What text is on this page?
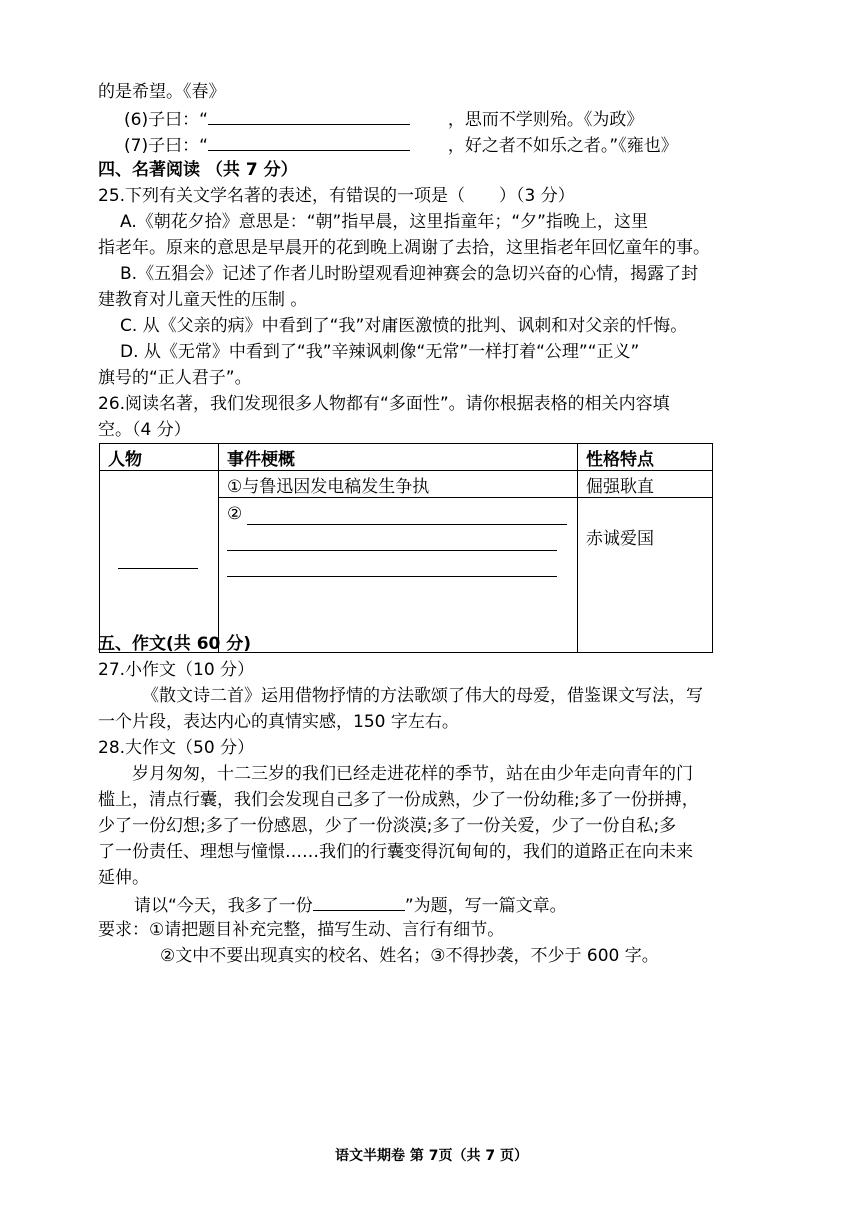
的是希望。《春》
(6)子曰：“	，思而不学则殆。《为政》
(7)子曰：“	，好之者不如乐之者。”《雍也》
四、名著阅读 （共 7 分）
25.下列有关文学名著的表述，有错误的一项是（　　）（3 分）
A.《朝花夕拾》意思是：“朝”指早晨，这里指童年；“夕”指晚上，这里
指老年。原来的意思是早晨开的花到晚上凋谢了去拾，这里指老年回忆童年的事。
B.《五猖会》记述了作者儿时盼望观看迎神赛会的急切兴奋的心情，揭露了封
建教育对儿童天性的压制 。
C. 从《父亲的病》中看到了“我”对庸医激愤的批判、讽刺和对父亲的忏悔。
D. 从《无常》中看到了“我”辛辣讽刺像“无常”一样打着“公理”“正义”
旗号的“正人君子”。
26.阅读名著，我们发现很多人物都有“多面性”。请你根据表格的相关内容填
空。（4 分）
人物	事件梗概	性格特点
	①与鲁迅因发电稿发生争执	倔强耿直

	②	赤诚爱国
五、作文(共 60 分)
27.小作文（10 分）
《散文诗二首》运用借物抒情的方法歌颂了伟大的母爱，借鉴课文写法，写
一个片段，表达内心的真情实感，150 字左右。
28.大作文（50 分）
岁月匆匆，十二三岁的我们已经走进花样的季节，站在由少年走向青年的门
槛上，清点行囊，我们会发现自己多了一份成熟，少了一份幼稚;多了一份拼搏，
少了一份幻想;多了一份感恩，少了一份淡漠;多了一份关爱，少了一份自私;多
了一份责任、理想与憧憬……我们的行囊变得沉甸甸的，我们的道路正在向未来
延伸。
请以“今天，我多了一份	”为题，写一篇文章。
要求：①请把题目补充完整，描写生动、言行有细节。
②文中不要出现真实的校名、姓名；③不得抄袭，不少于 600 字。
语文半期卷 第 7页（共 7 页）
